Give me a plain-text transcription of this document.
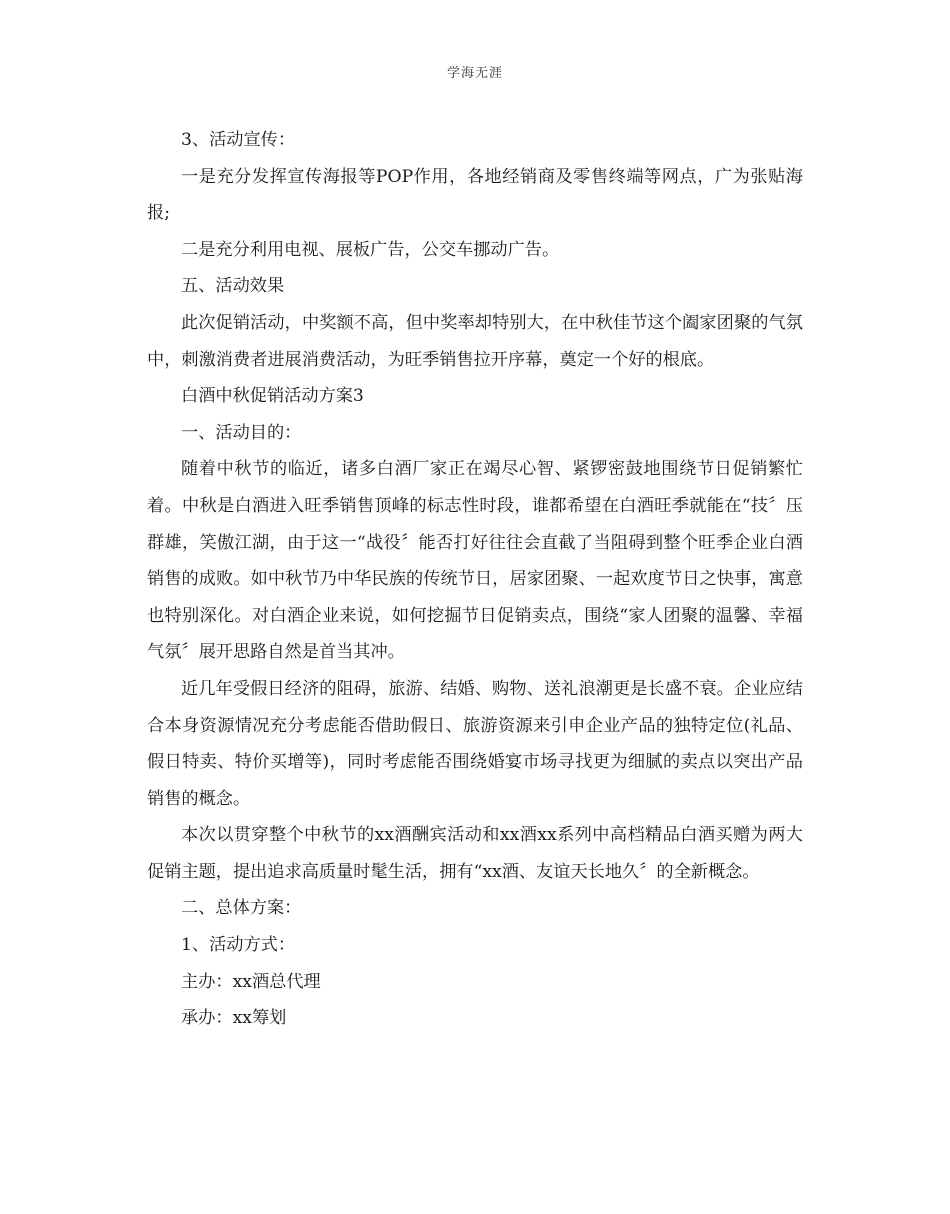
学海无涯

3、活动宣传：

一是充分发挥宣传海报等POP作用，各地经销商及零售终端等网点，广为张贴海报;

二是充分利用电视、展板广告，公交车挪动广告。

五、活动效果

此次促销活动，中奖额不高，但中奖率却特别大，在中秋佳节这个阖家团聚的气氛中，刺激消费者进展消费活动，为旺季销售拉开序幕，奠定一个好的根底。

白酒中秋促销活动方案3

一、活动目的：

随着中秋节的临近，诸多白酒厂家正在竭尽心智、紧锣密鼓地围绕节日促销繁忙着。中秋是白酒进入旺季销售顶峰的标志性时段，谁都希望在白酒旺季就能在“技〞压群雄，笑傲江湖，由于这一“战役〞能否打好往往会直截了当阻碍到整个旺季企业白酒销售的成败。如中秋节乃中华民族的传统节日，居家团聚、一起欢度节日之快事，寓意也特别深化。对白酒企业来说，如何挖掘节日促销卖点，围绕“家人团聚的温馨、幸福气氛〞展开思路自然是首当其冲。

近几年受假日经济的阻碍，旅游、结婚、购物、送礼浪潮更是长盛不衰。企业应结合本身资源情况充分考虑能否借助假日、旅游资源来引申企业产品的独特定位(礼品、假日特卖、特价买增等)，同时考虑能否围绕婚宴市场寻找更为细腻的卖点以突出产品销售的概念。

本次以贯穿整个中秋节的xx酒酬宾活动和xx酒xx系列中高档精品白酒买赠为两大促销主题，提出追求高质量时髦生活，拥有“xx酒、友谊天长地久〞的全新概念。

二、总体方案：

1、活动方式：

主办：xx酒总代理

承办：xx筹划
